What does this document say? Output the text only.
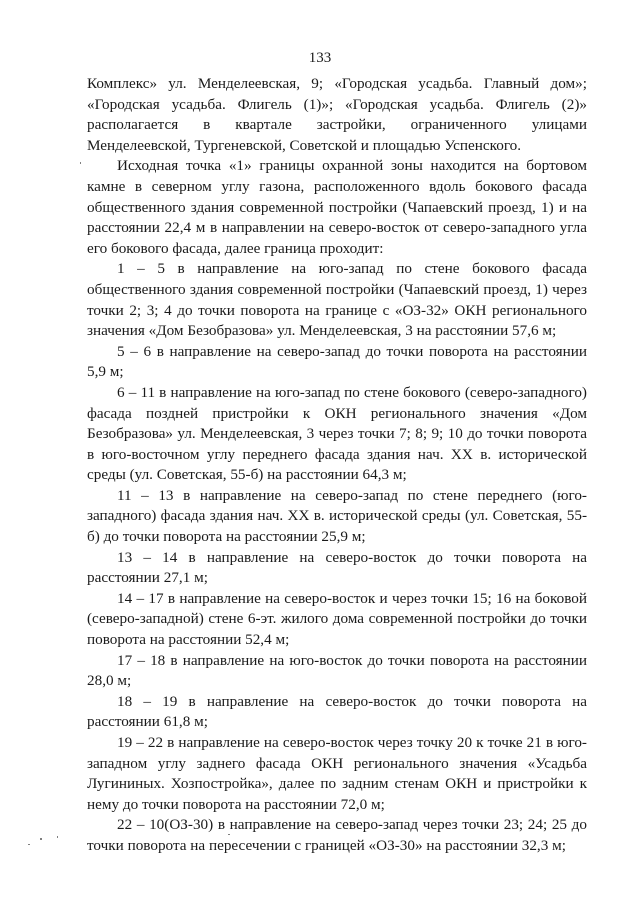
133

Комплекс» ул. Менделеевская, 9; «Городская усадьба. Главный дом»; «Городская усадьба. Флигель (1)»; «Городская усадьба. Флигель (2)» располагается в квартале застройки, ограниченного улицами Менделеевской, Тургеневской, Советской и площадью Успенского.

Исходная точка «1» границы охранной зоны находится на бортовом камне в северном углу газона, расположенного вдоль бокового фасада общественного здания современной постройки (Чапаевский проезд, 1) и на расстоянии 22,4 м в направлении на северо-восток от северо-западного угла его бокового фасада, далее граница проходит:

1 – 5 в направление на юго-запад по стене бокового фасада общественного здания современной постройки (Чапаевский проезд, 1) через точки 2; 3; 4 до точки поворота на границе с «ОЗ-32» ОКН регионального значения «Дом Безобразова» ул. Менделеевская, 3 на расстоянии 57,6 м;

5 – 6 в направление на северо-запад до точки поворота на расстоянии 5,9 м;

6 – 11 в направление на юго-запад по стене бокового (северо-западного) фасада поздней пристройки к ОКН регионального значения «Дом Безобразова» ул. Менделеевская, 3 через точки 7; 8; 9; 10 до точки поворота в юго-восточном углу переднего фасада здания нач. XX в. исторической среды (ул. Советская, 55-б) на расстоянии 64,3 м;

11 – 13 в направление на северо-запад по стене переднего (юго-западного) фасада здания нач. XX в. исторической среды (ул. Советская, 55-б) до точки поворота на расстоянии 25,9 м;

13 – 14 в направление на северо-восток до точки поворота на расстоянии 27,1 м;

14 – 17 в направление на северо-восток и через точки 15; 16 на боковой (северо-западной) стене 6-эт. жилого дома современной постройки до точки поворота на расстоянии 52,4 м;

17 – 18 в направление на юго-восток до точки поворота на расстоянии 28,0 м;

18 – 19 в направление на северо-восток до точки поворота на расстоянии 61,8 м;

19 – 22 в направление на северо-восток через точку 20 к точке 21 в юго-западном углу заднего фасада ОКН регионального значения «Усадьба Лугининых. Хозпостройка», далее по задним стенам ОКН и пристройки к нему до точки поворота на расстоянии 72,0 м;

22 – 10(ОЗ-30) в направление на северо-запад через точки 23; 24; 25 до точки поворота на пересечении с границей «ОЗ-30» на расстоянии 32,3 м;
